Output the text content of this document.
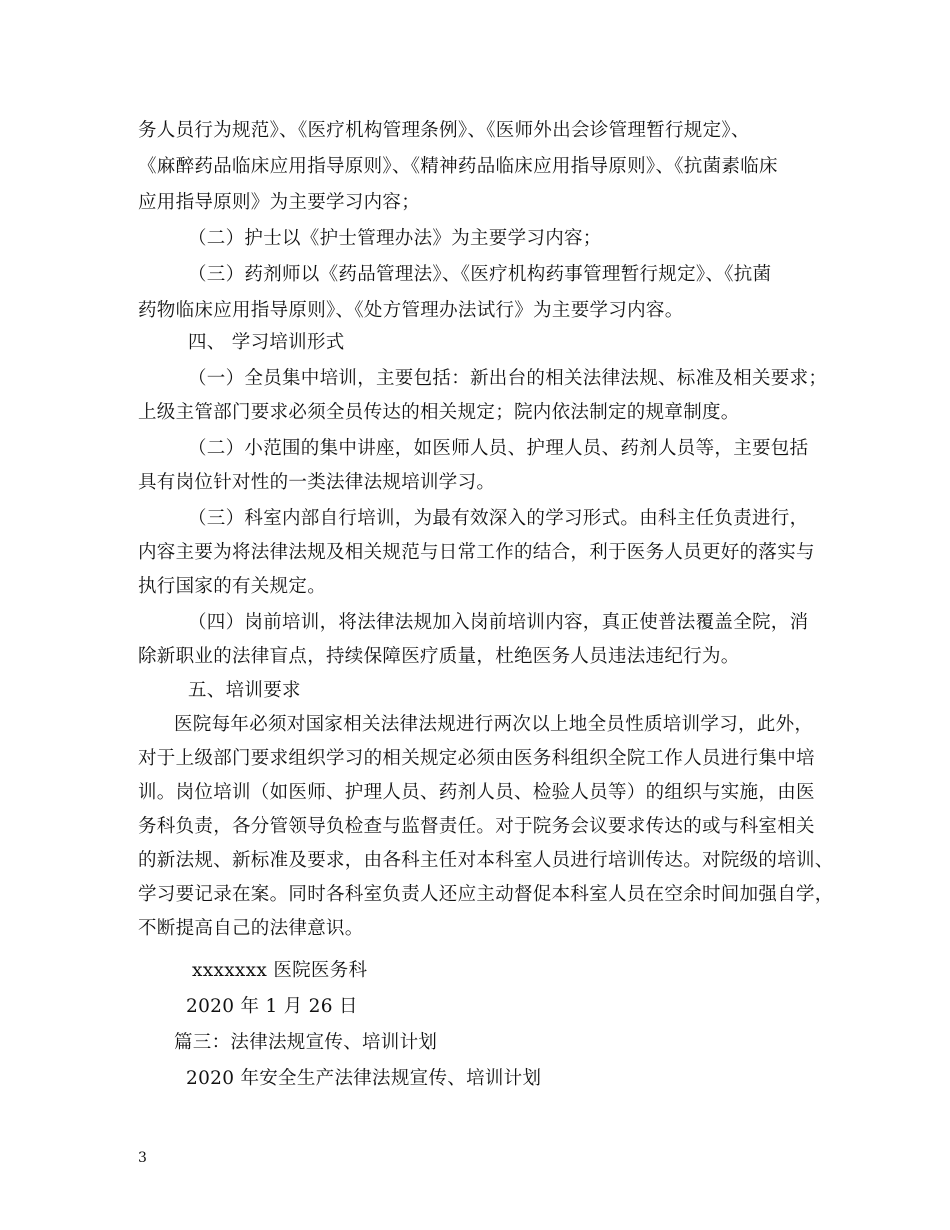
务人员行为规范》、《医疗机构管理条例》、《医师外出会诊管理暂行规定》、
《麻醉药品临床应用指导原则》、《精神药品临床应用指导原则》、《抗菌素临床
应用指导原则》为主要学习内容；
（二）护士以《护士管理办法》为主要学习内容；
（三）药剂师以《药品管理法》、《医疗机构药事管理暂行规定》、《抗菌
药物临床应用指导原则》、《处方管理办法试行》为主要学习内容。
四、 学习培训形式
（一）全员集中培训，主要包括：新出台的相关法律法规、标准及相关要求；
上级主管部门要求必须全员传达的相关规定；院内依法制定的规章制度。
（二）小范围的集中讲座，如医师人员、护理人员、药剂人员等，主要包括
具有岗位针对性的一类法律法规培训学习。
（三）科室内部自行培训，为最有效深入的学习形式。由科主任负责进行，
内容主要为将法律法规及相关规范与日常工作的结合，利于医务人员更好的落实与
执行国家的有关规定。
（四）岗前培训，将法律法规加入岗前培训内容，真正使普法覆盖全院，消
除新职业的法律盲点，持续保障医疗质量，杜绝医务人员违法违纪行为。
五、培训要求
医院每年必须对国家相关法律法规进行两次以上地全员性质培训学习，此外，
对于上级部门要求组织学习的相关规定必须由医务科组织全院工作人员进行集中培
训。岗位培训（如医师、护理人员、药剂人员、检验人员等）的组织与实施，由医
务科负责，各分管领导负检查与监督责任。对于院务会议要求传达的或与科室相关
的新法规、新标准及要求，由各科主任对本科室人员进行培训传达。对院级的培训、
学习要记录在案。同时各科室负责人还应主动督促本科室人员在空余时间加强自学，
不断提高自己的法律意识。
xxxxxxx 医院医务科
2020 年 1 月 26 日
篇三：法律法规宣传、培训计划
2020 年安全生产法律法规宣传、培训计划
3
